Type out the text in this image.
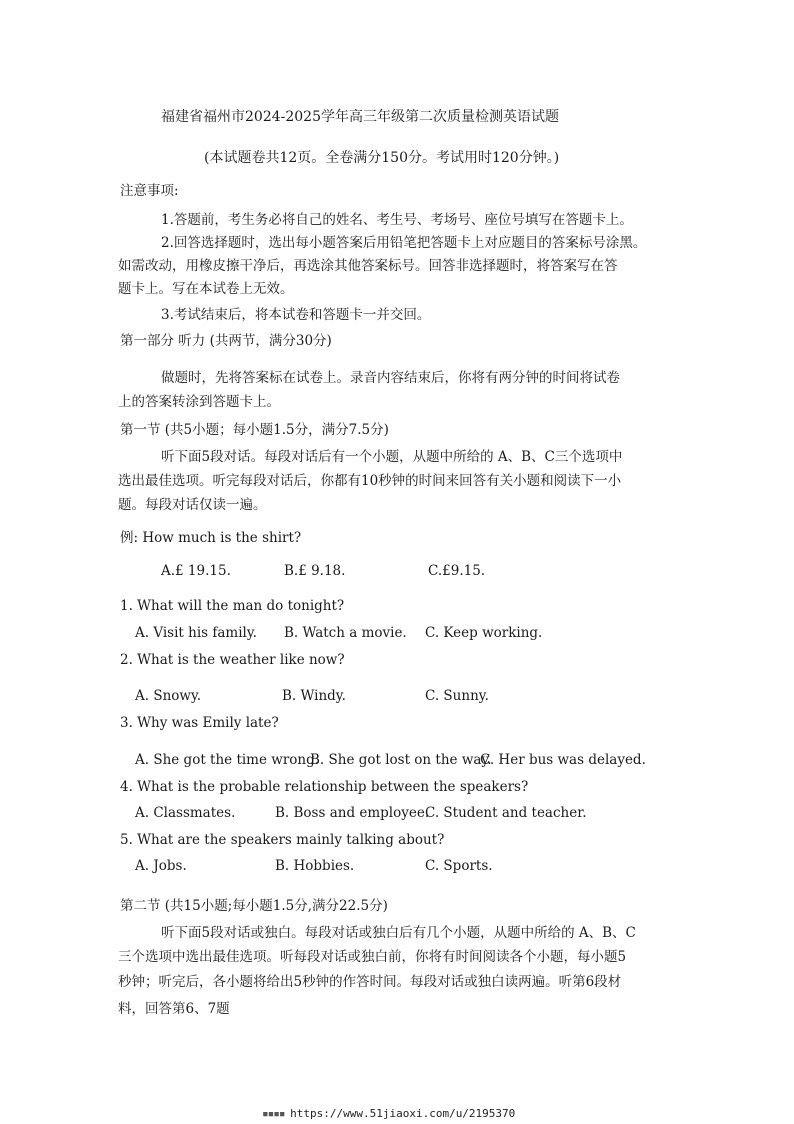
福建省福州市2024-2025学年高三年级第二次质量检测英语试题
(本试题卷共12页。全卷满分150分。考试用时120分钟。)
注意事项:
1.答题前，考生务必将自己的姓名、考生号、考场号、座位号填写在答题卡上。
2.回答选择题时，选出每小题答案后用铅笔把答题卡上对应题目的答案标号涂黑。
如需改动，用橡皮擦干净后，再选涂其他答案标号。回答非选择题时，将答案写在答
题卡上。写在本试卷上无效。
3.考试结束后，将本试卷和答题卡一并交回。
第一部分 听力 (共两节，满分30分)
做题时，先将答案标在试卷上。录音内容结束后，你将有两分钟的时间将试卷
上的答案转涂到答题卡上。
第一节 (共5小题；每小题1.5分，满分7.5分)
听下面5段对话。每段对话后有一个小题，从题中所给的 A、B、C三个选项中
选出最佳选项。听完每段对话后，你都有10秒钟的时间来回答有关小题和阅读下一小
题。每段对话仅读一遍。
例: How much is the shirt?
A.£ 19.15.	B.£ 9.18.	C.£9.15.
1. What will the man do tonight?
A. Visit his family. B. Watch a movie. C. Keep working.
2. What is the weather like now?
A. Snowy.	B. Windy.	C. Sunny.
3. Why was Emily late?
A. She got the time wrong.
B. She got lost on the way.
C. Her bus was delayed.
4. What is the probable relationship between the speakers?
A. Classmates.	B. Boss and employee.
C. Student and teacher.
5. What are the speakers mainly talking about?
A. Jobs.	B. Hobbies.	C. Sports.
第二节 (共15小题;每小题1.5分,满分22.5分)
听下面5段对话或独白。每段对话或独白后有几个小题，从题中所给的 A、B、C
三个选项中选出最佳选项。听每段对话或独白前，你将有时间阅读各个小题，每小题5
秒钟；听完后，各小题将给出5秒钟的作答时间。每段对话或独白读两遍。听第6段材
料，回答第6、7题
▪▪▪▪ https://www.51jiaoxi.com/u/2195370
